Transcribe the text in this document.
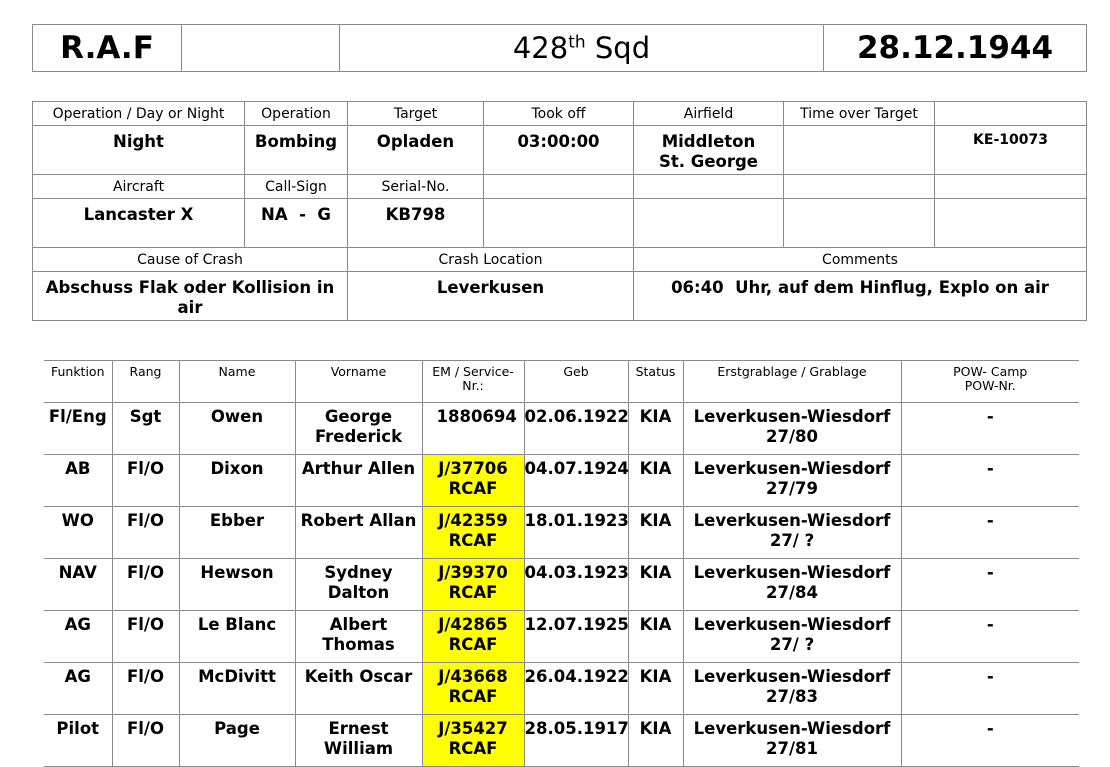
R.A.F		428th Sqd	28.12.1944
Operation / Day or Night	Operation	Target	Took off	Airfield	Time over Target	
Night	Bombing	Opladen	03:00:00	Middleton St. George		KE-10073
Aircraft	Call-Sign	Serial-No.				
Lancaster X	NA  -  G	KB798				
Cause of Crash		Crash Location		Comments		
Abschuss Flak oder Kollision in air		Leverkusen		06:40  Uhr, auf dem Hinflug, Explo on air		
Funktion	Rang	Name	Vorname	EM / Service-Nr.:	Geb	Status	Erstgrablage / Grablage	POW- Camp POW-Nr.
Fl/Eng	Sgt	Owen	George Frederick	1880694	02.06.1922	KIA	Leverkusen-Wiesdorf 27/80	-
AB	Fl/O	Dixon	Arthur Allen	J/37706 RCAF	04.07.1924	KIA	Leverkusen-Wiesdorf 27/79	-
WO	Fl/O	Ebber	Robert Allan	J/42359 RCAF	18.01.1923	KIA	Leverkusen-Wiesdorf 27/ ?	-
NAV	Fl/O	Hewson	Sydney Dalton	J/39370 RCAF	04.03.1923	KIA	Leverkusen-Wiesdorf 27/84	-
AG	Fl/O	Le Blanc	Albert Thomas	J/42865 RCAF	12.07.1925	KIA	Leverkusen-Wiesdorf 27/ ?	-
AG	Fl/O	McDivitt	Keith Oscar	J/43668 RCAF	26.04.1922	KIA	Leverkusen-Wiesdorf 27/83	-
Pilot	Fl/O	Page	Ernest William	J/35427 RCAF	28.05.1917	KIA	Leverkusen-Wiesdorf 27/81	-
